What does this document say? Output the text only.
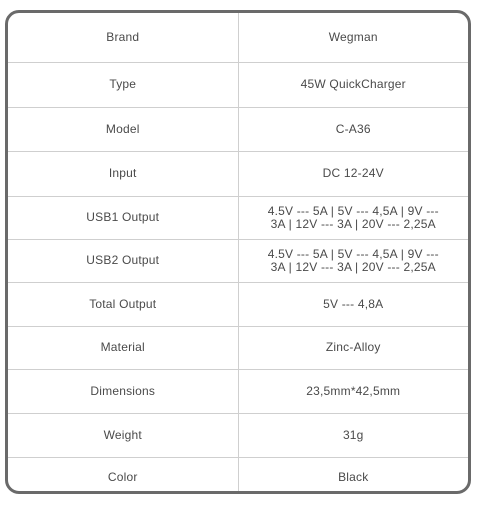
Brand	Wegman
Type	45W QuickCharger
Model	C-A36
Input	DC 12-24V
USB1 Output	4.5V --- 5A | 5V --- 4,5A | 9V --- 3A | 12V --- 3A | 20V --- 2,25A
USB2 Output	4.5V --- 5A | 5V --- 4,5A | 9V --- 3A | 12V --- 3A | 20V --- 2,25A
Total Output	5V --- 4,8A
Material	Zinc-Alloy
Dimensions	23,5mm*42,5mm
Weight	31g
Color	Black
